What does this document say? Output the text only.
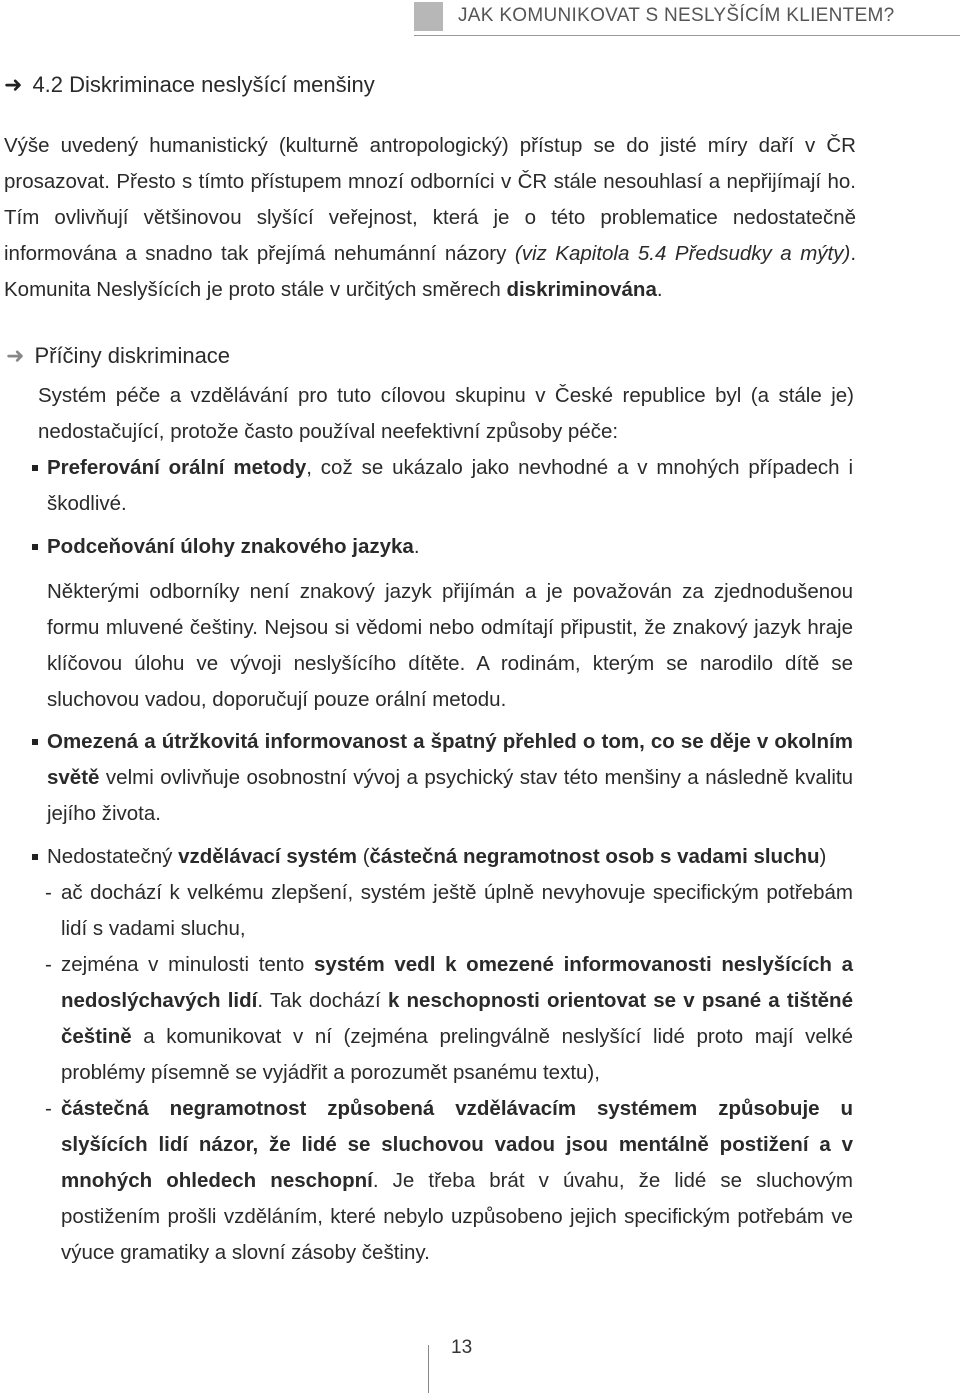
JAK KOMUNIKOVAT S NESLYŠÍCÍM KLIENTEM?
➜ 4.2 Diskriminace neslyšící menšiny
Výše uvedený humanistický (kulturně antropologický) přístup se do jisté míry daří v ČR prosazovat. Přesto s tímto přístupem mnozí odborníci v ČR stále nesouhlasí a nepřijímají ho. Tím ovlivňují většinovou slyšící veřejnost, která je o této problematice nedostatečně informována a snadno tak přejímá nehumánní názory (viz Kapitola 5.4 Předsudky a mýty). Komunita Neslyšících je proto stále v určitých směrech diskriminována.
➜ Příčiny diskriminace
Systém péče a vzdělávání pro tuto cílovou skupinu v České republice byl (a stále je) nedostačující, protože často používal neefektivní způsoby péče:
Preferování orální metody, což se ukázalo jako nevhodné a v mnohých případech i škodlivé.
Podceňování úlohy znakového jazyka.
Některými odborníky není znakový jazyk přijímán a je považován za zjednodušenou formu mluvené češtiny. Nejsou si vědomi nebo odmítají připustit, že znakový jazyk hraje klíčovou úlohu ve vývoji neslyšícího dítěte. A rodinám, kterým se narodilo dítě se sluchovou vadou, doporučují pouze orální metodu.
Omezená a útržkovitá informovanost a špatný přehled o tom, co se děje v okolním světě velmi ovlivňuje osobnostní vývoj a psychický stav této menšiny a následně kvalitu jejího života.
Nedostatečný vzdělávací systém (částečná negramotnost osob s vadami sluchu)
- ač dochází k velkému zlepšení, systém ještě úplně nevyhovuje specifickým potřebám lidí s vadami sluchu,
- zejména v minulosti tento systém vedl k omezené informovanosti neslyšících a nedoslýchavých lidí. Tak dochází k neschopnosti orientovat se v psané a tištěné češtině a komunikovat v ní (zejména prelingválně neslyšící lidé proto mají velké problémy písemně se vyjádřit a porozumět psanému textu),
- částečná negramotnost způsobená vzdělávacím systémem způsobuje u slyšících lidí názor, že lidé se sluchovou vadou jsou mentálně postižení a v mnohých ohledech neschopní. Je třeba brát v úvahu, že lidé se sluchovým postižením prošli vzděláním, které nebylo uzpůsobeno jejich specifickým potřebám ve výuce gramatiky a slovní zásoby češtiny.
13
